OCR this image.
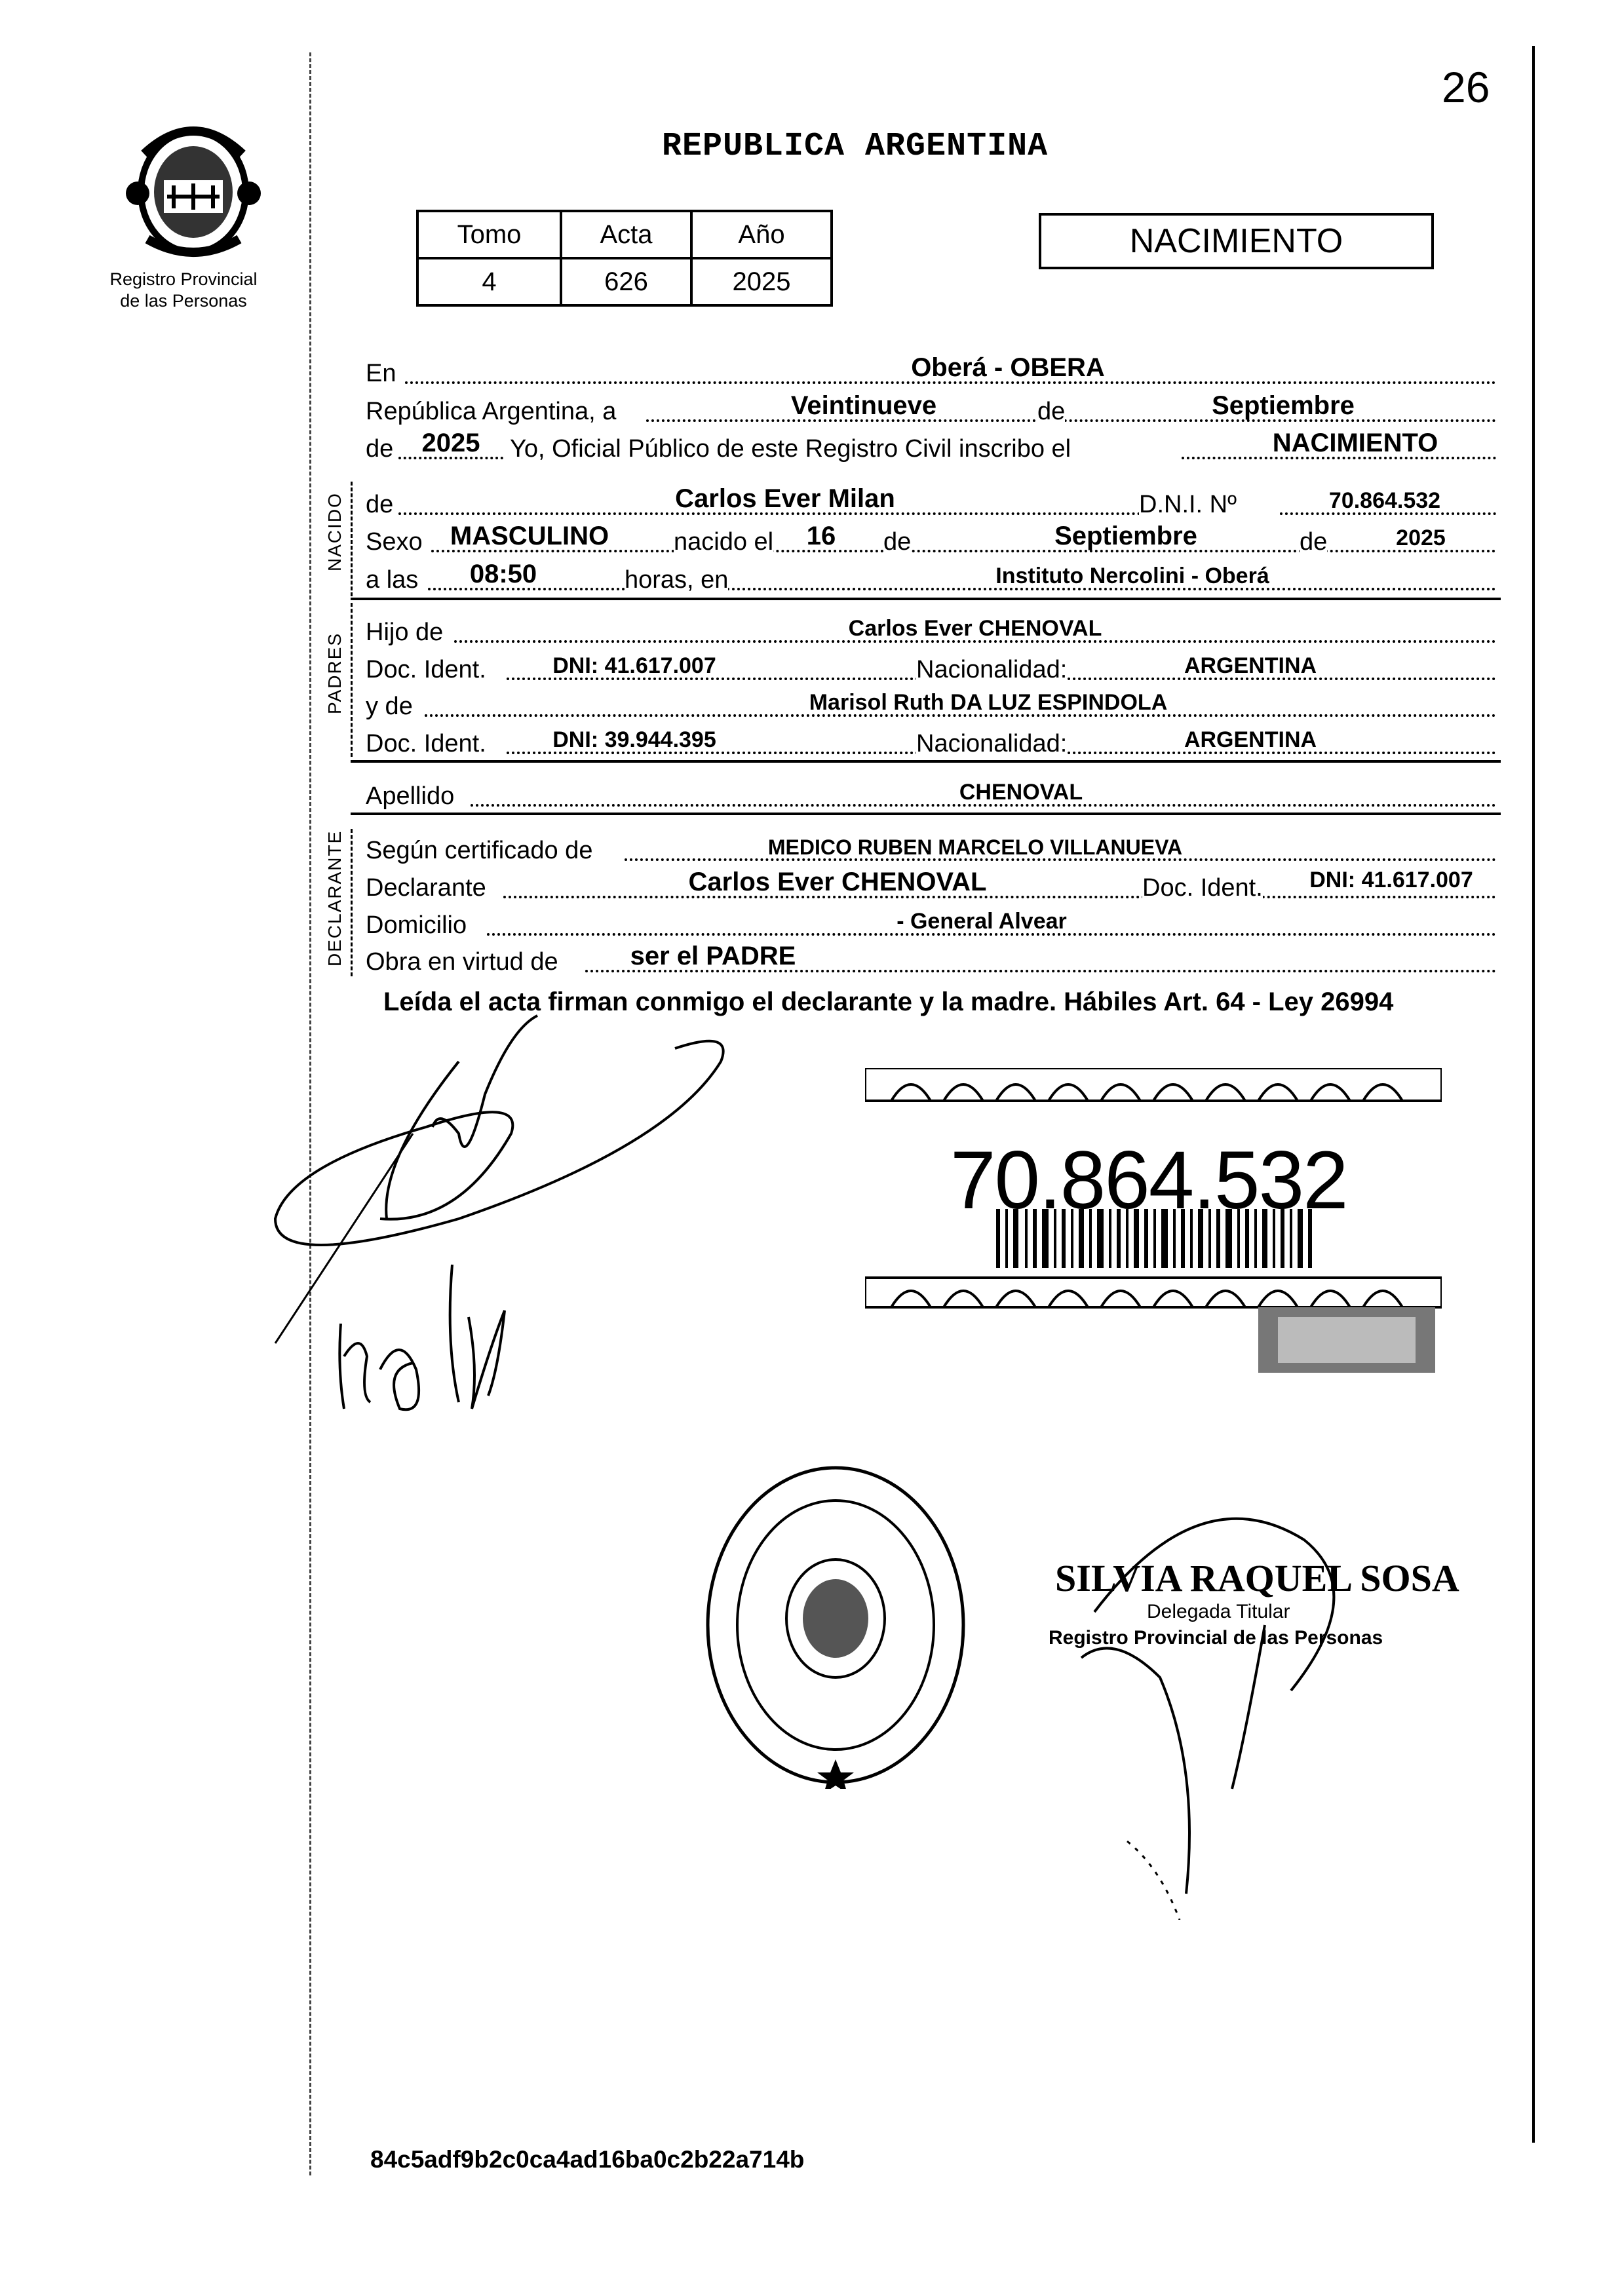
26
REPUBLICA ARGENTINA
Registro Provincial
de las Personas
Tomo	Acta	Año
4	626	2025
NACIMIENTO
En	Oberá - OBERA
República Argentina, a	Veintinueve	de	Septiembre
de	2025	Yo, Oficial Público de este Registro Civil inscribo el	NACIMIENTO
NACIDO de	Carlos Ever Milan	D.N.I. Nº	70.864.532
Sexo	MASCULINO	nacido el	16	de	Septiembre	de	2025
a las	08:50	horas, en	Instituto Nercolini - Oberá
PADRES Hijo de	Carlos Ever CHENOVAL
Doc. Ident.	DNI: 41.617.007	Nacionalidad:	ARGENTINA
y de	Marisol Ruth DA LUZ ESPINDOLA
Doc. Ident.	DNI: 39.944.395	Nacionalidad:	ARGENTINA
Apellido	CHENOVAL
DECLARANTE Según certificado de	MEDICO RUBEN MARCELO VILLANUEVA
Declarante	Carlos Ever CHENOVAL	Doc. Ident.	DNI: 41.617.007
Domicilio	- General Alvear
Obra en virtud de	ser el PADRE
Leída el acta firman conmigo el declarante y la madre. Hábiles Art. 64 - Ley 26994
70.864.532
SILVIA RAQUEL SOSA
Delegada Titular
Registro Provincial de las Personas
84c5adf9b2c0ca4ad16ba0c2b22a714b
